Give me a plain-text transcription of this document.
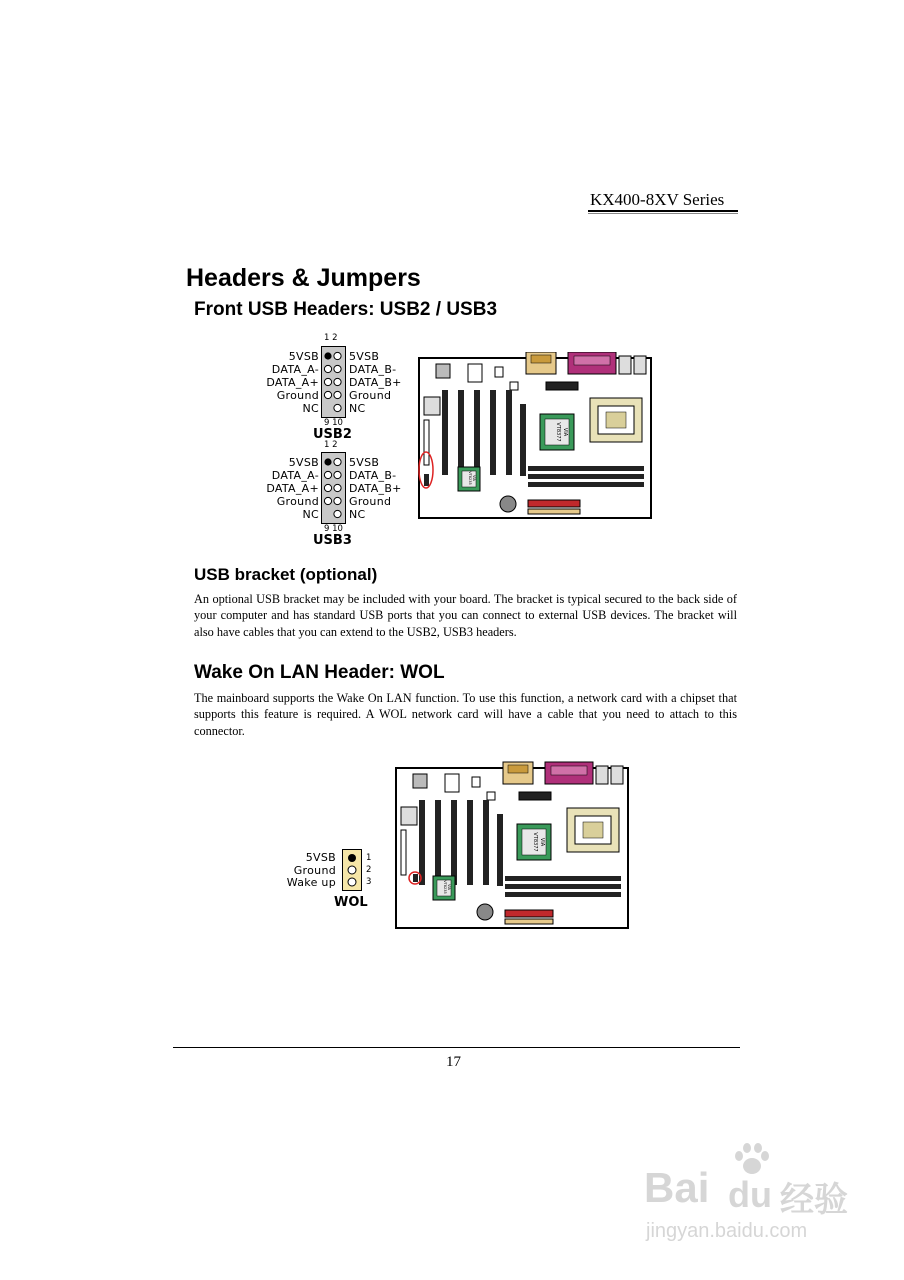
KX400-8XV Series
Headers & Jumpers
Front USB Headers: USB2 / USB3
1 2
5VSB
DATA_A-
DATA_A+
Ground
NC
5VSB
DATA_B-
DATA_B+
Ground
NC
9 10
USB2
1 2
5VSB
DATA_A-
DATA_A+
Ground
NC
5VSB
DATA_B-
DATA_B+
Ground
NC
9 10
USB3
VT8377 VIA
VT8235 VIA
USB bracket (optional)
An optional USB bracket may be included with your board. The bracket is typical secured to the back side of your computer and has standard USB ports that you can connect to external USB devices. The bracket will also have cables that you can extend to the USB2, USB3 headers.
Wake On LAN Header: WOL
The mainboard supports the Wake On LAN function. To use this function, a network card with a chipset that supports this feature is required. A WOL network card will have a cable that you need to attach to this connector.
5VSB
Ground
Wake up
1
2
3
WOL
VT8377 VIA
VT8235 VIA
17
Bai du 经验
jingyan.baidu.com
